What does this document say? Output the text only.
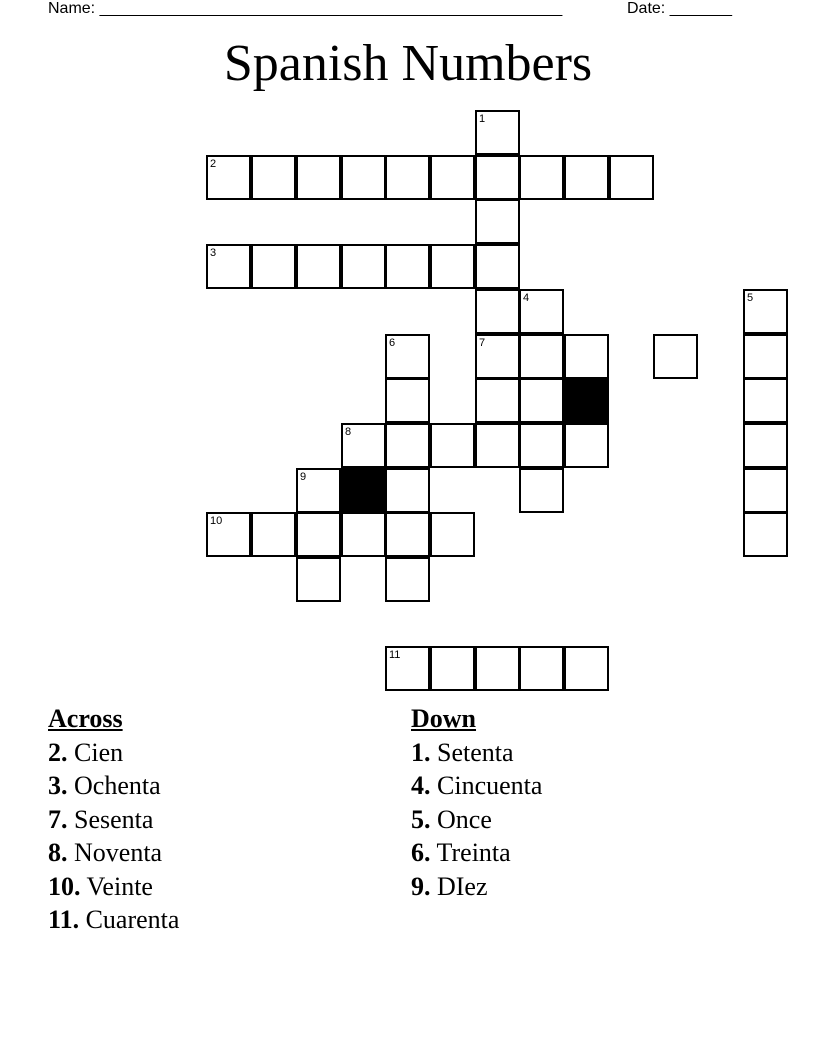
Name: ____________________________________________________	Date: _______
Spanish Numbers
1
7
2
3
4	5
6
8
9
10
11
Across
2. Cien
3. Ochenta
7. Sesenta
8. Noventa
10. Veinte
11. Cuarenta
Down
1. Setenta
4. Cincuenta
5. Once
6. Treinta
9. DIez
